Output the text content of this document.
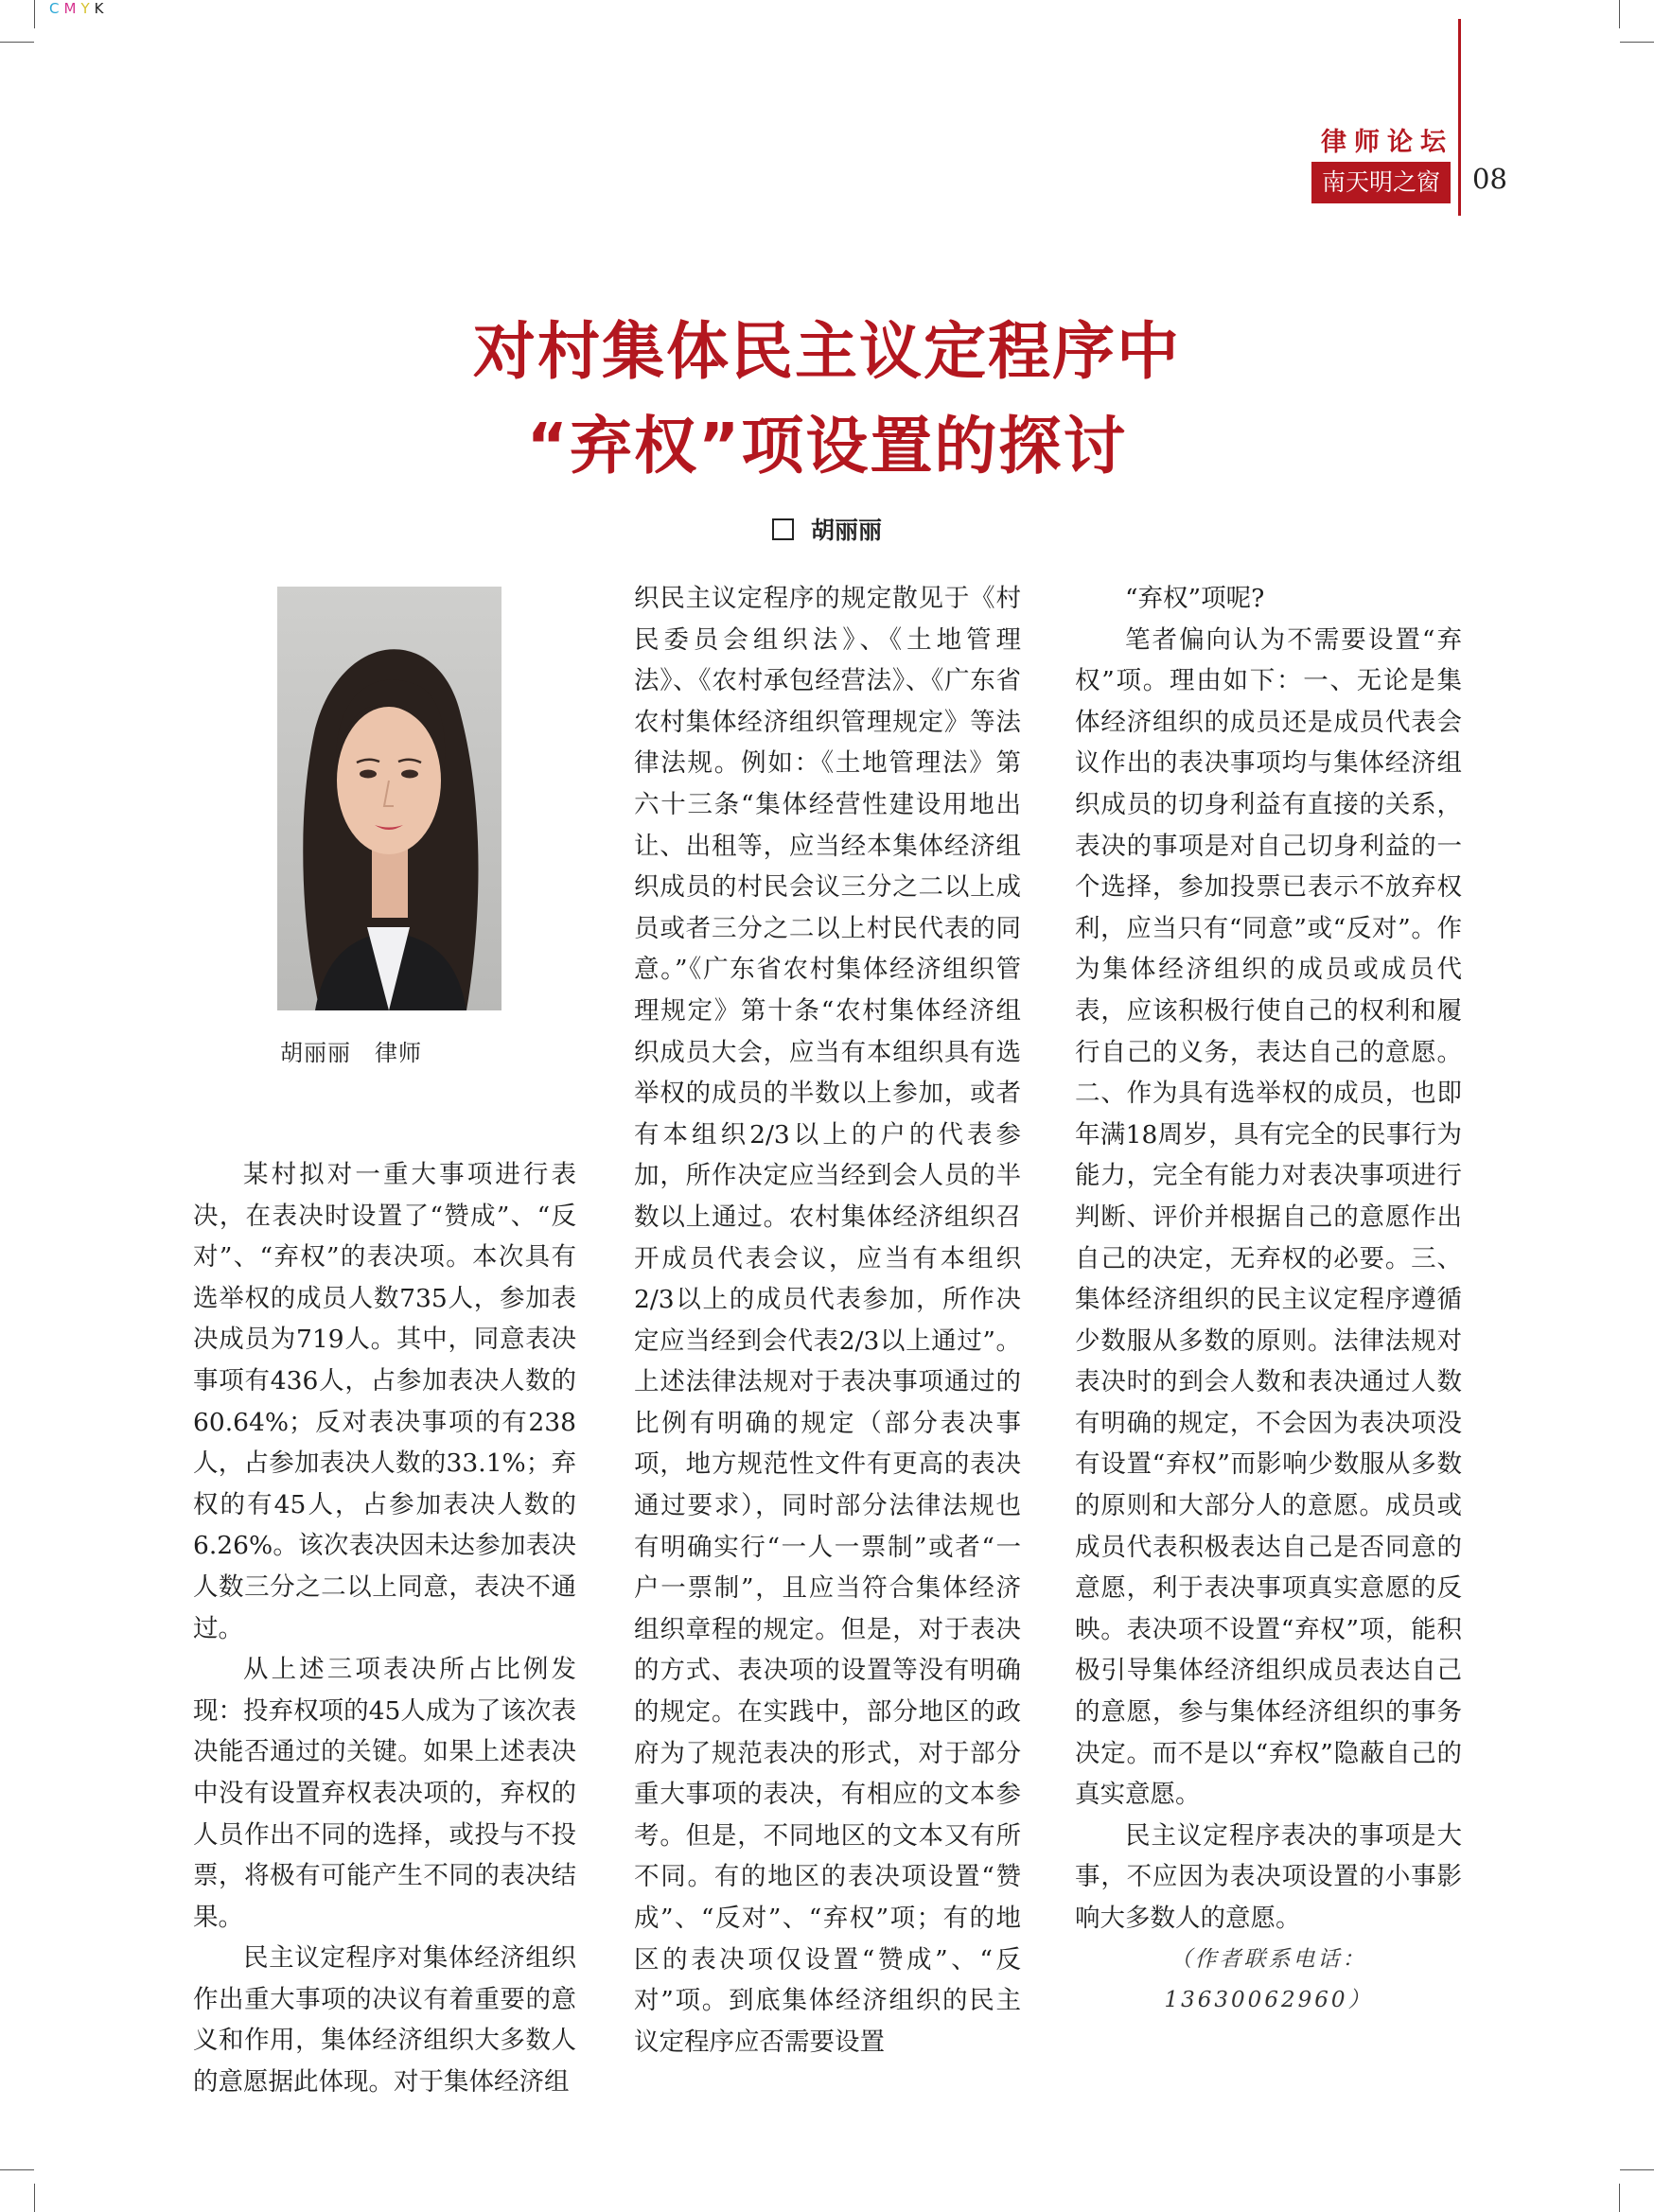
CMYK
律师论坛
南天明之窗	08
对村集体民主议定程序中
“弃权”项设置的探讨
胡丽丽
胡丽丽　律师

某村拟对一重大事项进行表决，在表决时设置了“赞成”、“反对”、“弃权”的表决项。本次具有选举权的成员人数735人，参加表决成员为719人。其中，同意表决事项有436人，占参加表决人数的60.64%；反对表决事项的有238人，占参加表决人数的33.1%；弃权的有45人，占参加表决人数的6.26%。该次表决因未达参加表决人数三分之二以上同意，表决不通过。

从上述三项表决所占比例发现：投弃权项的45人成为了该次表决能否通过的关键。如果上述表决中没有设置弃权表决项的，弃权的人员作出不同的选择，或投与不投票，将极有可能产生不同的表决结果。

民主议定程序对集体经济组织作出重大事项的决议有着重要的意义和作用，集体经济组织大多数人的意愿据此体现。对于集体经济组

织民主议定程序的规定散见于《村民委员会组织法》、《土地管理法》、《农村承包经营法》、《广东省农村集体经济组织管理规定》等法律法规。例如：《土地管理法》第六十三条“集体经营性建设用地出让、出租等，应当经本集体经济组织成员的村民会议三分之二以上成员或者三分之二以上村民代表的同意。”《广东省农村集体经济组织管理规定》第十条“农村集体经济组织成员大会，应当有本组织具有选举权的成员的半数以上参加，或者有本组织2/3以上的户的代表参加，所作决定应当经到会人员的半数以上通过。农村集体经济组织召开成员代表会议，应当有本组织2/3以上的成员代表参加，所作决定应当经到会代表2/3以上通过”。上述法律法规对于表决事项通过的比例有明确的规定（部分表决事项，地方规范性文件有更高的表决通过要求），同时部分法律法规也有明确实行“一人一票制”或者“一户一票制”，且应当符合集体经济组织章程的规定。但是，对于表决的方式、表决项的设置等没有明确的规定。在实践中，部分地区的政府为了规范表决的形式，对于部分重大事项的表决，有相应的文本参考。但是，不同地区的文本又有所不同。有的地区的表决项设置“赞成”、“反对”、“弃权”项；有的地区的表决项仅设置“赞成”、“反对”项。到底集体经济组织的民主议定程序应否需要设置

“弃权”项呢?

笔者偏向认为不需要设置“弃权”项。理由如下：一、无论是集体经济组织的成员还是成员代表会议作出的表决事项均与集体经济组织成员的切身利益有直接的关系，表决的事项是对自己切身利益的一个选择，参加投票已表示不放弃权利，应当只有“同意”或“反对”。作为集体经济组织的成员或成员代表，应该积极行使自己的权利和履行自己的义务，表达自己的意愿。二、作为具有选举权的成员，也即年满18周岁，具有完全的民事行为能力，完全有能力对表决事项进行判断、评价并根据自己的意愿作出自己的决定，无弃权的必要。三、集体经济组织的民主议定程序遵循少数服从多数的原则。法律法规对表决时的到会人数和表决通过人数有明确的规定，不会因为表决项没有设置“弃权”而影响少数服从多数的原则和大部分人的意愿。成员或成员代表积极表达自己是否同意的意愿，利于表决事项真实意愿的反映。表决项不设置“弃权”项，能积极引导集体经济组织成员表达自己的意愿，参与集体经济组织的事务决定。而不是以“弃权”隐蔽自己的真实意愿。

民主议定程序表决的事项是大事，不应因为表决项设置的小事影响大多数人的意愿。

（作者联系电话：13630062960）
